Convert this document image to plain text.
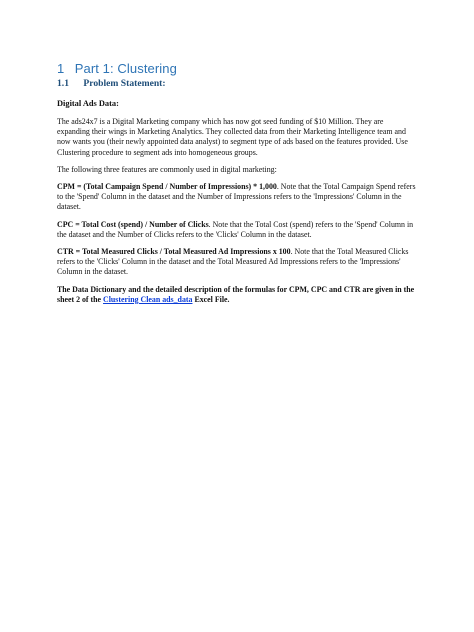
1 Part 1: Clustering
1.1 Problem Statement:
Digital Ads Data:

The ads24x7 is a Digital Marketing company which has now got seed funding of $10 Million. They are expanding their wings in Marketing Analytics. They collected data from their Marketing Intelligence team and now wants you (their newly appointed data analyst) to segment type of ads based on the features provided. Use Clustering procedure to segment ads into homogeneous groups.

The following three features are commonly used in digital marketing:

CPM = (Total Campaign Spend / Number of Impressions) * 1,000. Note that the Total Campaign Spend refers to the 'Spend' Column in the dataset and the Number of Impressions refers to the 'Impressions' Column in the dataset.

CPC = Total Cost (spend) / Number of Clicks. Note that the Total Cost (spend) refers to the 'Spend' Column in the dataset and the Number of Clicks refers to the 'Clicks' Column in the dataset.

CTR = Total Measured Clicks / Total Measured Ad Impressions x 100. Note that the Total Measured Clicks refers to the 'Clicks' Column in the dataset and the Total Measured Ad Impressions refers to the 'Impressions' Column in the dataset.

The Data Dictionary and the detailed description of the formulas for CPM, CPC and CTR are given in the sheet 2 of the Clustering Clean ads_data Excel File.
